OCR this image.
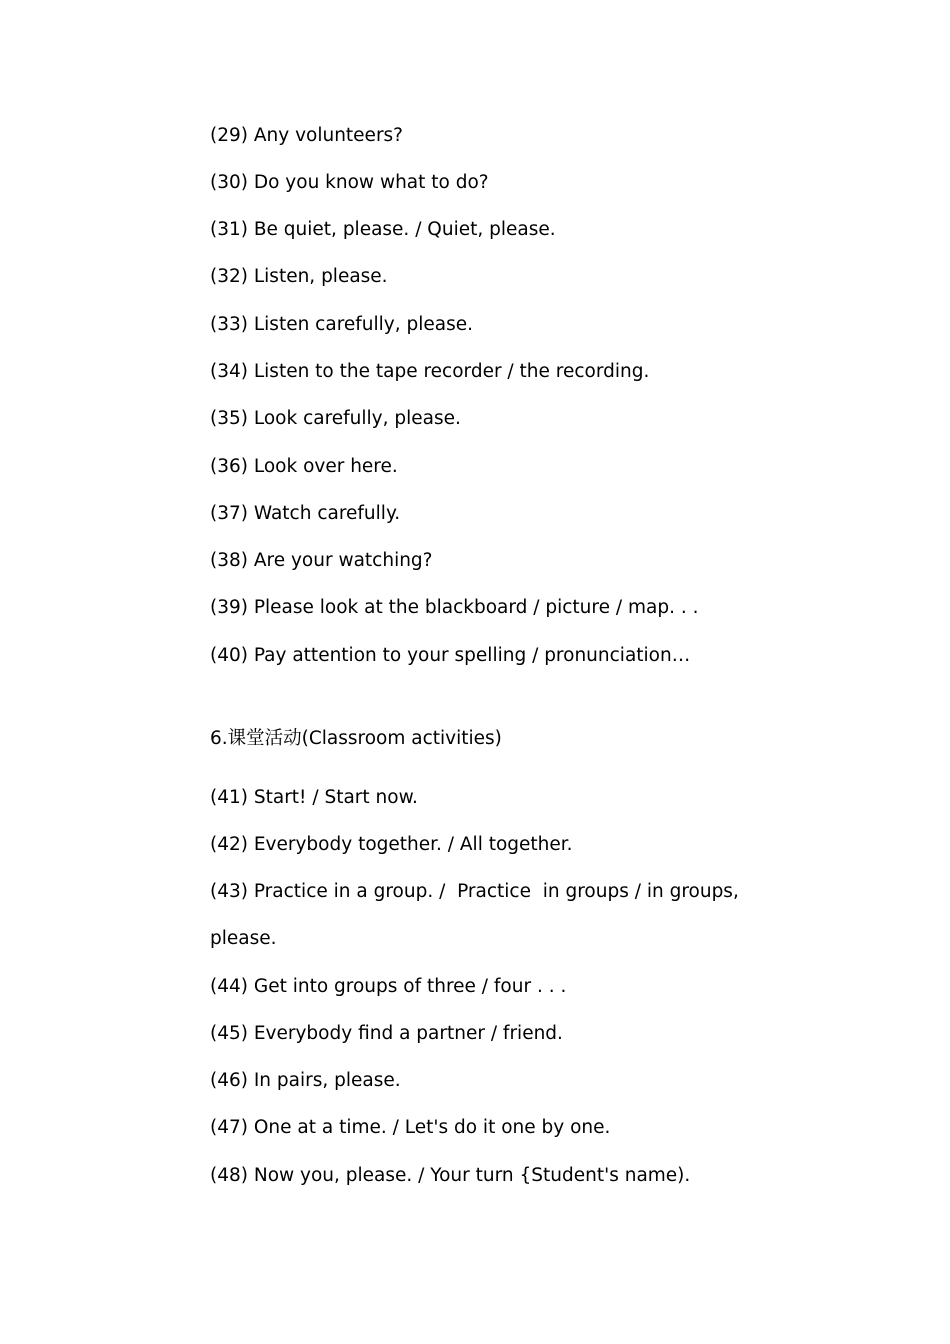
(29) Any volunteers?

(30) Do you know what to do?

(31) Be quiet, please. / Quiet, please.

(32) Listen, please.

(33) Listen carefully, please.

(34) Listen to the tape recorder / the recording.

(35) Look carefully, please.

(36) Look over here.

(37) Watch carefully.

(38) Are your watching?

(39) Please look at the blackboard / picture / map. . .

(40) Pay attention to your spelling / pronunciation…

6.课堂活动(Classroom activities)

(41) Start! / Start now.

(42) Everybody together. / All together.

(43) Practice in a group. /  Practice  in groups / in groups,

please.

(44) Get into groups of three / four . . .

(45) Everybody find a partner / friend.

(46) In pairs, please.

(47) One at a time. / Let's do it one by one.

(48) Now you, please. / Your turn {Student's name).
